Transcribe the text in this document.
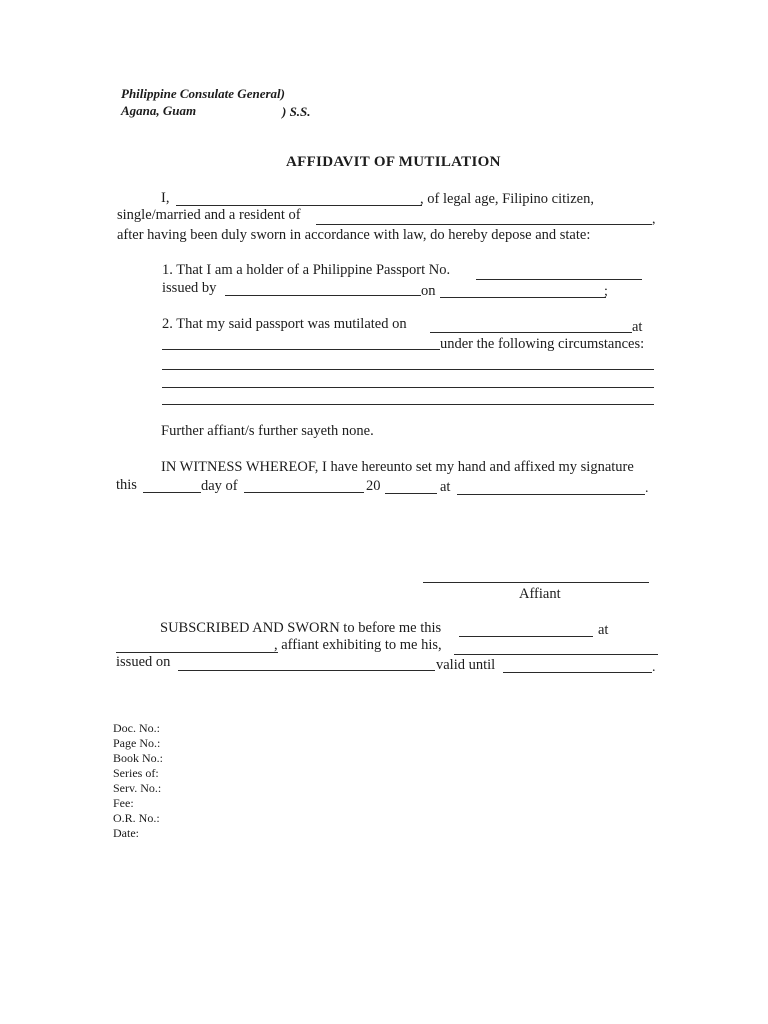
Philippine Consulate General)
Agana, Guam	) S.S.
AFFIDAVIT OF MUTILATION
I,	, of legal age, Filipino citizen,
single/married and a resident of	,
after having been duly sworn in accordance with law, do hereby depose and state:
1. That I am a holder of a Philippine Passport No.
issued by	on	;
2. That my said passport was mutilated on	at
under the following circumstances:
Further affiant/s further sayeth none.
IN WITNESS WHEREOF, I have hereunto set my hand and affixed my signature
this	day of	20	at	.
Affiant
SUBSCRIBED AND SWORN to before me this	at
, affiant exhibiting to me his,
issued on	valid until	.
Doc. No.:
Page No.:
Book No.:
Series of:
Serv. No.:
Fee:
O.R. No.:
Date:
